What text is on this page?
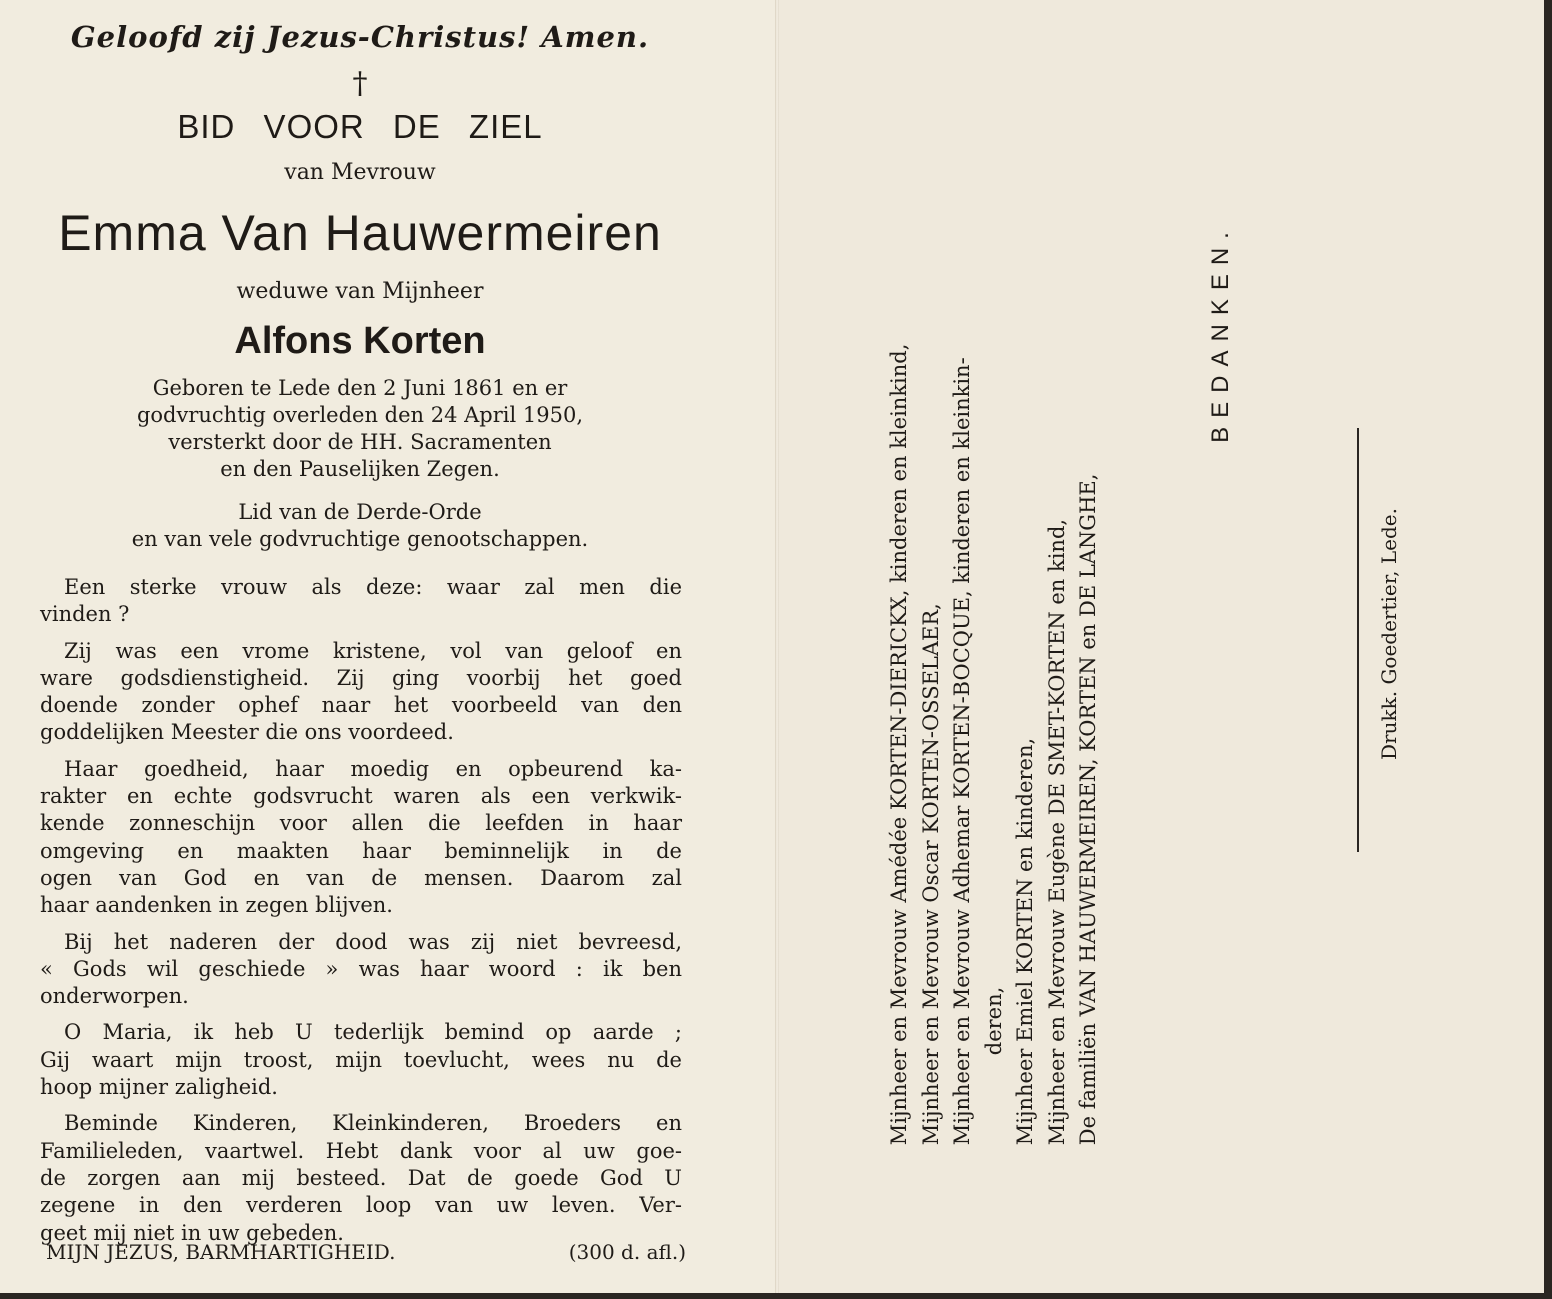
Geloofd zij Jezus-Christus! Amen.
†
BID VOOR DE ZIEL
van Mevrouw
Emma Van Hauwermeiren
weduwe van Mijnheer
Alfons Korten
Geboren te Lede den 2 Juni 1861 en er
godvruchtig overleden den 24 April 1950,
versterkt door de HH. Sacramenten
en den Pauselijken Zegen.
Lid van de Derde-Orde
en van vele godvruchtige genootschappen.

Een sterke vrouw als deze: waar zal men die
vinden ?

Zij was een vrome kristene, vol van geloof en
ware godsdienstigheid. Zij ging voorbij het goed
doende zonder ophef naar het voorbeeld van den
goddelijken Meester die ons voordeed.

Haar goedheid, haar moedig en opbeurend ka-
rakter en echte godsvrucht waren als een verkwik-
kende zonneschijn voor allen die leefden in haar
omgeving en maakten haar beminnelijk in de
ogen van God en van de mensen. Daarom zal
haar aandenken in zegen blijven.

Bij het naderen der dood was zij niet bevreesd,
« Gods wil geschiede » was haar woord : ik ben
onderworpen.

O Maria, ik heb U tederlijk bemind op aarde ;
Gij waart mijn troost, mijn toevlucht, wees nu de
hoop mijner zaligheid.

Beminde Kinderen, Kleinkinderen, Broeders en
Familieleden, vaartwel. Hebt dank voor al uw goe-
de zorgen aan mij besteed. Dat de goede God U
zegene in den verderen loop van uw leven. Ver-
geet mij niet in uw gebeden.

MIJN JEZUS, BARMHARTIGHEID.	(300 d. afl.)
Mijnheer en Mevrouw Amédée KORTEN-DIERICKX, kinderen en kleinkind, Mijnheer en Mevrouw Oscar KORTEN-OSSELAER, Mijnheer en Mevrouw Adhemar KORTEN-BOCQUE, kinderen en kleinkin- deren, Mijnheer Emiel KORTEN en kinderen, Mijnheer en Mevrouw Eugène DE SMET-KORTEN en kind, De familiën VAN HAUWERMEIREN, KORTEN en DE LANGHE,
BEDANKEN.
Drukk. Goedertier, Lede.
